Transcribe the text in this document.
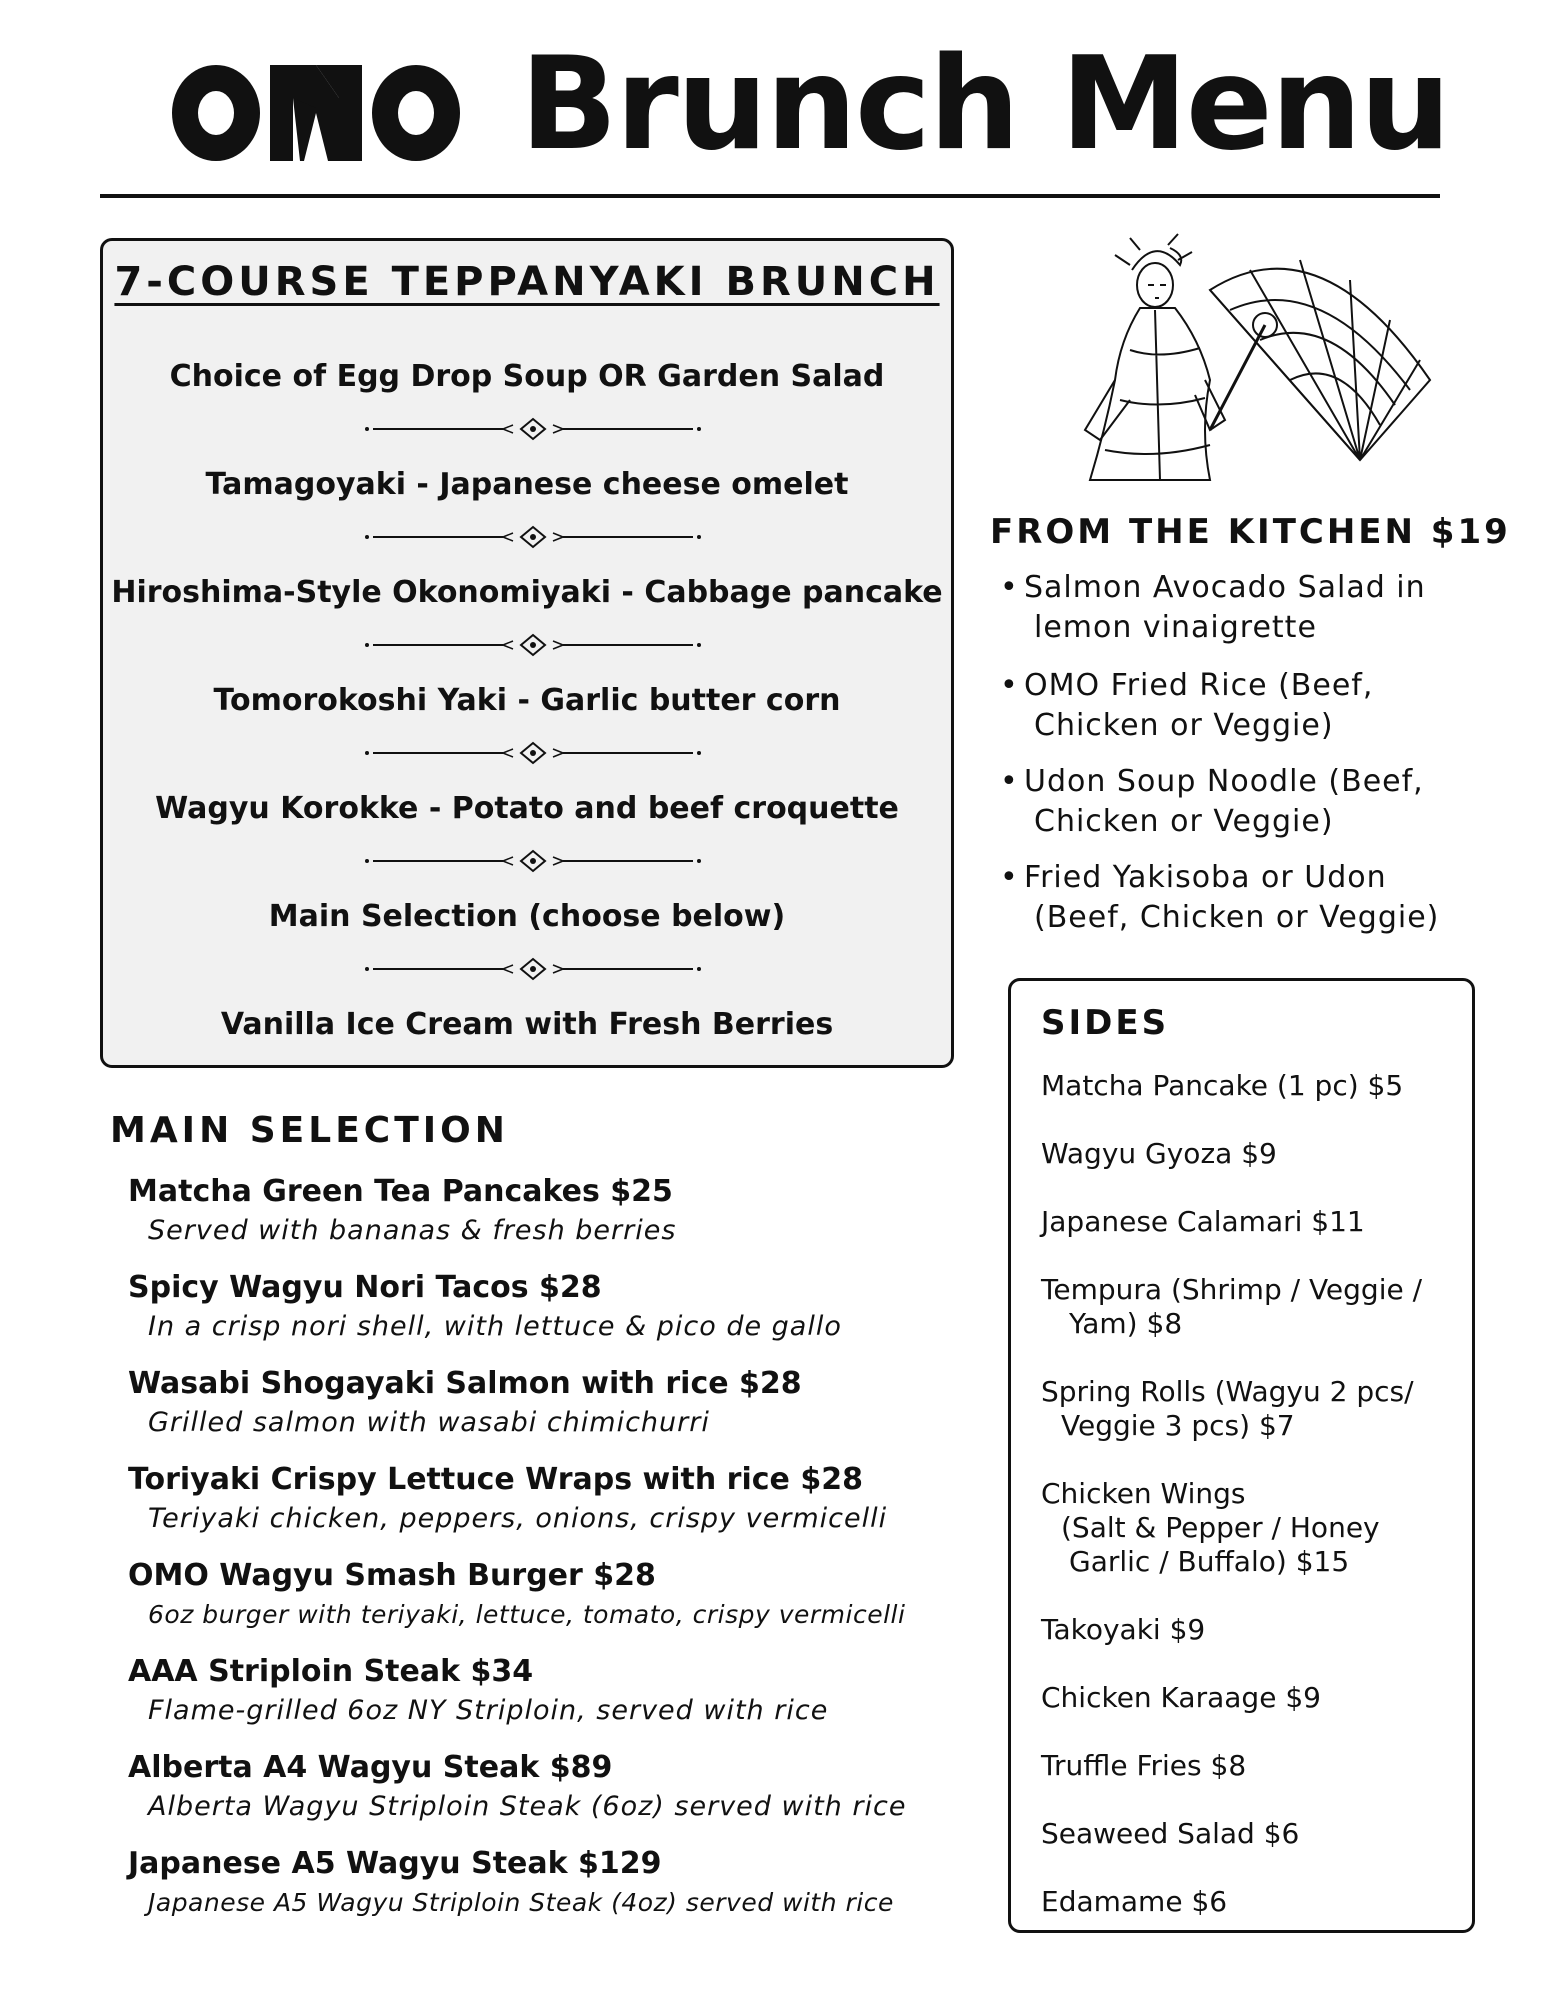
Brunch Menu
7-COURSE TEPPANYAKI BRUNCH
Choice of Egg Drop Soup OR Garden Salad
Tamagoyaki - Japanese cheese omelet
Hiroshima-Style Okonomiyaki - Cabbage pancake
Tomorokoshi Yaki - Garlic butter corn
Wagyu Korokke - Potato and beef croquette
Main Selection (choose below)
Vanilla Ice Cream with Fresh Berries
MAIN SELECTION
Matcha Green Tea Pancakes $25
Served with bananas & fresh berries
Spicy Wagyu Nori Tacos $28
In a crisp nori shell, with lettuce & pico de gallo
Wasabi Shogayaki Salmon with rice $28
Grilled salmon with wasabi chimichurri
Toriyaki Crispy Lettuce Wraps with rice $28
Teriyaki chicken, peppers, onions, crispy vermicelli
OMO Wagyu Smash Burger $28
6oz burger with teriyaki, lettuce, tomato, crispy vermicelli
AAA Striploin Steak $34
Flame-grilled 6oz NY Striploin, served with rice
Alberta A4 Wagyu Steak $89
Alberta Wagyu Striploin Steak (6oz) served with rice
Japanese A5 Wagyu Steak $129
Japanese A5 Wagyu Striploin Steak (4oz) served with rice
FROM THE KITCHEN $19
• Salmon Avocado Salad in
lemon vinaigrette
• OMO Fried Rice (Beef,
Chicken or Veggie)
• Udon Soup Noodle (Beef,
Chicken or Veggie)
• Fried Yakisoba or Udon
(Beef, Chicken or Veggie)
SIDES
Matcha Pancake (1 pc) $5
Wagyu Gyoza $9
Japanese Calamari $11
Tempura (Shrimp / Veggie /
Yam) $8
Spring Rolls (Wagyu 2 pcs/
Veggie 3 pcs) $7
Chicken Wings
(Salt & Pepper / Honey
Garlic / Buffalo) $15
Takoyaki $9
Chicken Karaage $9
Truffle Fries $8
Seaweed Salad $6
Edamame $6
